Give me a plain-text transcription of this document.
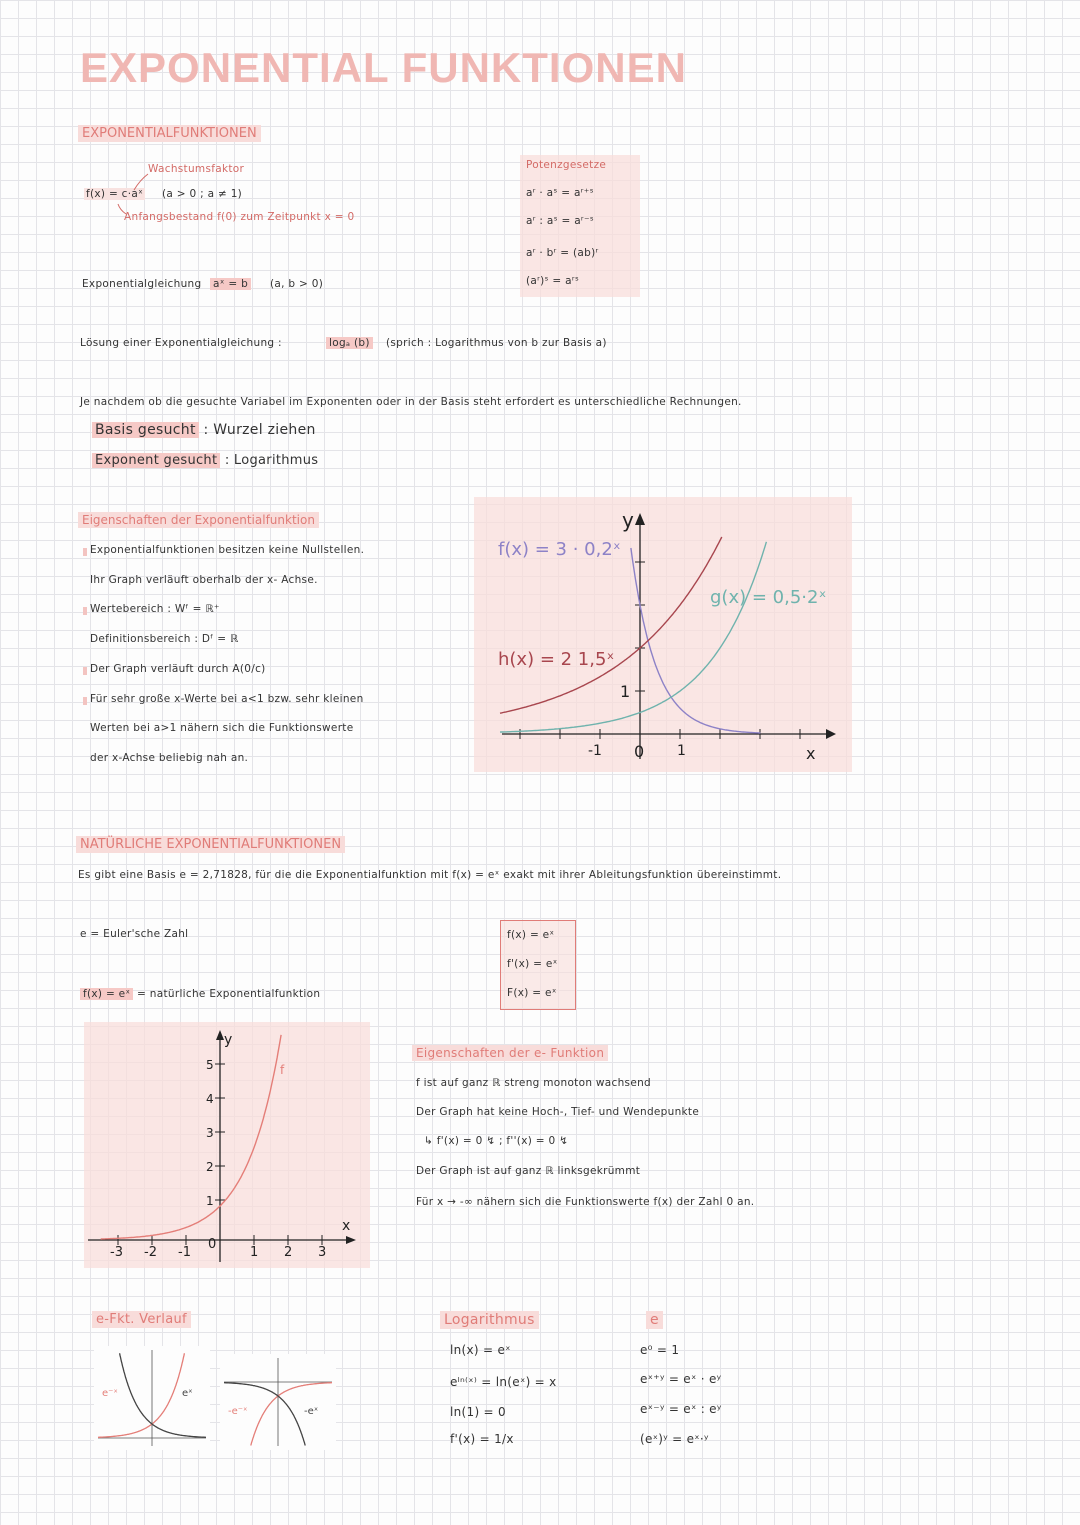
EXPONENTIAL FUNKTIONEN
EXPONENTIALFUNKTIONEN
Wachstumsfaktor
f(x) = c·aˣ (a > 0 ; a ≠ 1)
Anfangsbestand f(0) zum Zeitpunkt x = 0
Potenzgesetze
aʳ · aˢ = aʳ⁺ˢ
aʳ : aˢ = aʳ⁻ˢ
aʳ · bʳ = (ab)ʳ
(aʳ)ˢ = aʳˢ
Exponentialgleichung aˣ = b (a, b > 0)
Lösung einer Exponentialgleichung :	logₐ (b) (sprich : Logarithmus von b zur Basis a)
Je nachdem ob die gesuchte Variabel im Exponenten oder in der Basis steht erfordert es unterschiedliche Rechnungen.
Basis gesucht : Wurzel ziehen
Exponent gesucht : Logarithmus
Eigenschaften der Exponentialfunktion
Exponentialfunktionen besitzen keine Nullstellen.
Ihr Graph verläuft oberhalb der x- Achse.
Wertebereich : Wᶠ = ℝ⁺
Definitionsbereich : Dᶠ = ℝ
Der Graph verläuft durch A(0/c)
Für sehr große x-Werte bei a<1 bzw. sehr kleinen
Werten bei a>1 nähern sich die Funktionswerte
der x-Achse beliebig nah an.
y
x
-1 0 1
1
f(x) = 3 · 0,2ˣ
g(x) = 0,5·2ˣ
h(x) = 2 1,5ˣ
NATÜRLICHE EXPONENTIALFUNKTIONEN
Es gibt eine Basis e = 2,71828, für die die Exponentialfunktion mit f(x) = eˣ exakt mit ihrer Ableitungsfunktion übereinstimmt.
e = Euler'sche Zahl
f(x) = eˣ = natürliche Exponentialfunktion
f(x) = eˣ
f'(x) = eˣ
F(x) = eˣ
y
x
f
-3 -2 -1
0
1 2 3
1
2
3
4
5
Eigenschaften der e- Funktion
f ist auf ganz ℝ streng monoton wachsend
Der Graph hat keine Hoch-, Tief- und Wendepunkte
↳ f'(x) = 0 ↯ ; f''(x) = 0 ↯
Der Graph ist auf ganz ℝ linksgekrümmt
Für x → -∞ nähern sich die Funktionswerte f(x) der Zahl 0 an.
e-Fkt. Verlauf
e⁻ˣ	eˣ
-e⁻ˣ	-eˣ
Logarithmus
ln(x) = eˣ
eˡⁿ⁽ˣ⁾ = ln(eˣ) = x
ln(1) = 0
f'(x) = 1/x
e
e⁰ = 1
eˣ⁺ʸ = eˣ · eʸ
eˣ⁻ʸ = eˣ : eʸ
(eˣ)ʸ = eˣ·ʸ
